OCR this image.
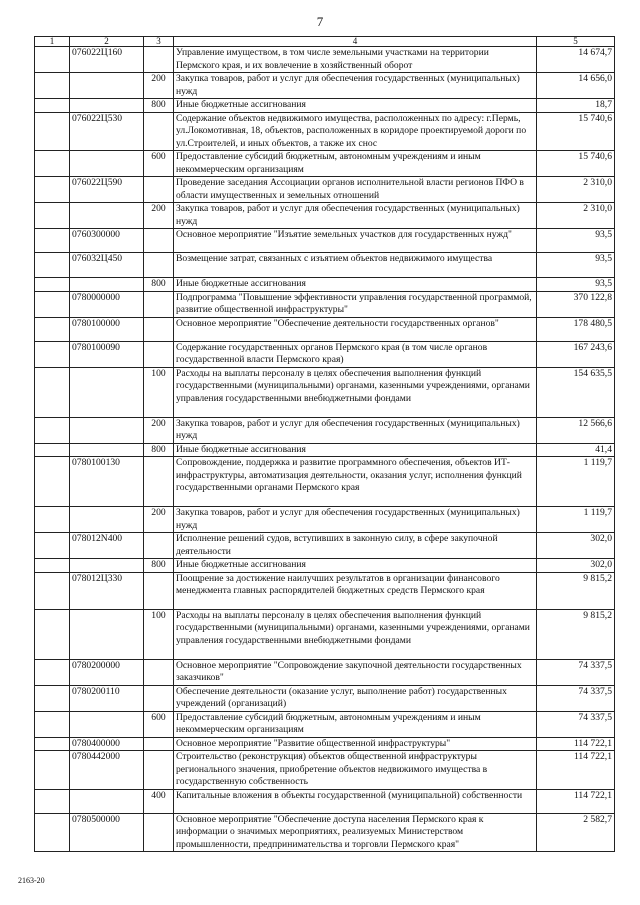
7
1	2	3	4	5
	076022Ц160		Управление имуществом, в том числе земельными участками на территории Пермского края, и их вовлечение в хозяйственный оборот	14 674,7
		200	Закупка товаров, работ и услуг для обеспечения государственных (муниципальных) нужд	14 656,0
		800	Иные бюджетные ассигнования	18,7
	076022Ц530		Содержание объектов недвижимого имущества, расположенных по адресу: г.Пермь, ул.Локомотивная, 18, объектов, расположенных в коридоре проектируемой дороги по ул.Строителей, и иных объектов, а также их снос	15 740,6
		600	Предоставление субсидий бюджетным, автономным учреждениям и иным некоммерческим организациям	15 740,6
	076022Ц590		Проведение заседания Ассоциации органов исполнительной власти регионов ПФО в области имущественных и земельных отношений	2 310,0
		200	Закупка товаров, работ и услуг для обеспечения государственных (муниципальных) нужд	2 310,0
	0760300000		Основное мероприятие "Изъятие земельных участков для государственных нужд"	93,5
	076032Ц450		Возмещение затрат, связанных с изъятием объектов недвижимого имущества	93,5
		800	Иные бюджетные ассигнования	93,5
	0780000000		Подпрограмма "Повышение эффективности управления государственной программой, развитие общественной инфраструктуры"	370 122,8
	0780100000		Основное мероприятие "Обеспечение деятельности государственных органов"	178 480,5
	0780100090		Содержание государственных органов Пермского края (в том числе органов государственной власти Пермского края)	167 243,6
		100	Расходы на выплаты персоналу в целях обеспечения выполнения функций государственными (муниципальными) органами, казенными учреждениями, органами управления государственными внебюджетными фондами	154 635,5
		200	Закупка товаров, работ и услуг для обеспечения государственных (муниципальных) нужд	12 566,6
		800	Иные бюджетные ассигнования	41,4
	0780100130		Сопровождение, поддержка и развитие программного обеспечения, объектов ИТ-инфраструктуры, автоматизация деятельности, оказания услуг, исполнения функций государственными органами Пермского края	1 119,7
		200	Закупка товаров, работ и услуг для обеспечения государственных (муниципальных) нужд	1 119,7
	078012N400		Исполнение решений судов, вступивших в законную силу, в сфере закупочной деятельности	302,0
		800	Иные бюджетные ассигнования	302,0
	078012Ц330		Поощрение за достижение наилучших результатов в организации финансового менеджмента главных распорядителей бюджетных средств Пермского края	9 815,2
		100	Расходы на выплаты персоналу в целях обеспечения выполнения функций государственными (муниципальными) органами, казенными учреждениями, органами управления государственными внебюджетными фондами	9 815,2
	0780200000		Основное мероприятие "Сопровождение закупочной деятельности государственных заказчиков"	74 337,5
	0780200110		Обеспечение деятельности (оказание услуг, выполнение работ) государственных учреждений (организаций)	74 337,5
		600	Предоставление субсидий бюджетным, автономным учреждениям и иным некоммерческим организациям	74 337,5
	0780400000		Основное мероприятие "Развитие общественной инфраструктуры"	114 722,1
	0780442000		Строительство (реконструкция) объектов общественной инфраструктуры регионального значения, приобретение объектов недвижимого имущества в государственную собственность	114 722,1
		400	Капитальные вложения в объекты государственной (муниципальной) собственности	114 722,1
	0780500000		Основное мероприятие "Обеспечение доступа населения Пермского края к информации о значимых мероприятиях, реализуемых Министерством промышленности, предпринимательства и торговли Пермского края"	2 582,7
2163-20
